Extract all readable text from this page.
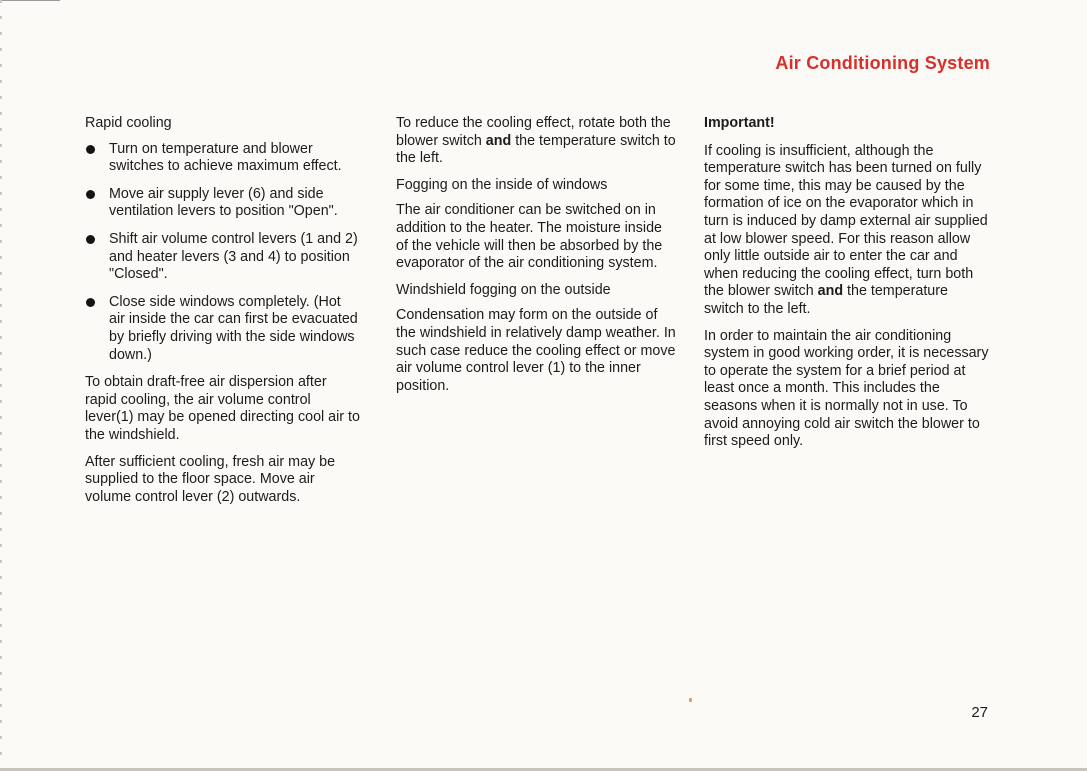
Air Conditioning System

Rapid cooling

Turn on temperature and blower switches to achieve maximum effect.
Move air supply lever (6) and side ventilation levers to position "Open".
Shift air volume control levers (1 and 2) and heater levers (3 and 4) to position "Closed".
Close side windows completely. (Hot air inside the car can first be evacuated by briefly driving with the side windows down.)

To obtain draft-free air dispersion after rapid cooling, the air volume control lever(1) may be opened directing cool air to the windshield.

After sufficient cooling, fresh air may be supplied to the floor space. Move air volume control lever (2) outwards.

To reduce the cooling effect, rotate both the blower switch and the temperature switch to the left.

Fogging on the inside of windows

The air conditioner can be switched on in addition to the heater. The moisture inside of the vehicle will then be absorbed by the evaporator of the air conditioning system.

Windshield fogging on the outside

Condensation may form on the outside of the windshield in relatively damp weather. In such case reduce the cooling effect or move air volume control lever (1) to the inner position.

Important!

If cooling is insufficient, although the temperature switch has been turned on fully for some time, this may be caused by the formation of ice on the evaporator which in turn is induced by damp external air supplied at low blower speed. For this reason allow only little outside air to enter the car and when reducing the cooling effect, turn both the blower switch and the temperature switch to the left.

In order to maintain the air conditioning system in good working order, it is necessary to operate the system for a brief period at least once a month. This includes the seasons when it is normally not in use. To avoid annoying cold air switch the blower to first speed only.

27
